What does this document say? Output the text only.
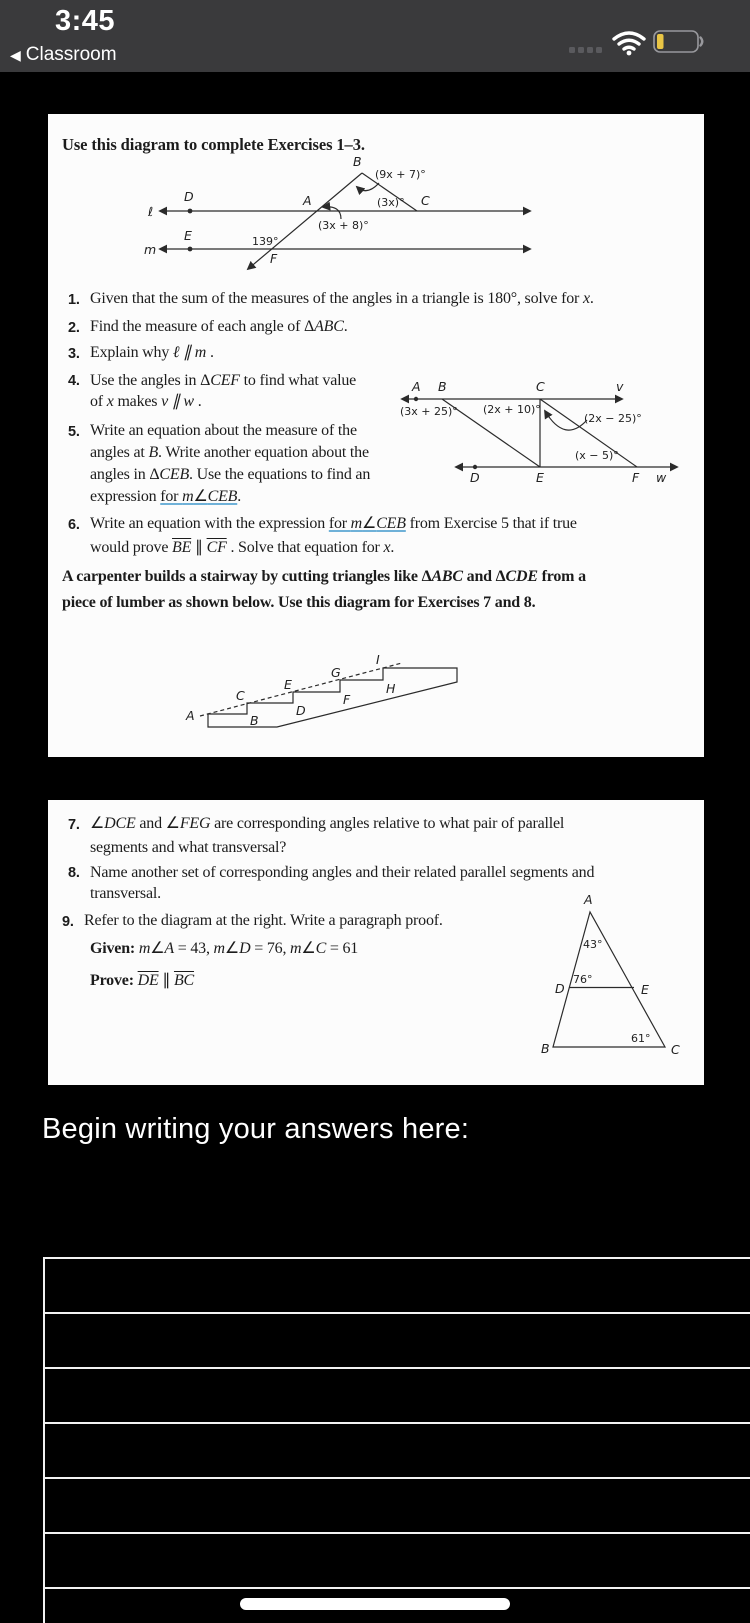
3:45
◀ Classroom
Use this diagram to complete Exercises 1–3.
ℓ
m
D
E
A
B
C
F
(9x + 7)°
(3x)°
(3x + 8)°
139°
1. Given that the sum of the measures of the angles in a triangle is 180°, solve for x.
2. Find the measure of each angle of ΔABC.
3. Explain why ℓ ∥ m .
4. Use the angles in ΔCEF to find what value
of x makes v ∥ w .
A B	C	v
D	E	F w
(3x + 25)° (2x + 10)°
(2x − 25)°
(x − 5)°
5. Write an equation about the measure of the
angles at B. Write another equation about the
angles in ΔCEB. Use the equations to find an
expression for m∠CEB.
6. Write an equation with the expression for m∠CEB from Exercise 5 that if true
would prove $\overline{BE}$ ∥ $\overline{CF}$ . Solve that equation for x.
A carpenter builds a stairway by cutting triangles like ΔABC and ΔCDE from a
piece of lumber as shown below. Use this diagram for Exercises 7 and 8.
A	B
C
D
E
F
G
H
I
7. ∠DCE and ∠FEG are corresponding angles relative to what pair of parallel
segments and what transversal?
8. Name another set of corresponding angles and their related parallel segments and
transversal.
9. Refer to the diagram at the right. Write a paragraph proof.
Given: m∠A = 43, m∠D = 76, m∠C = 61
Prove: $\overline{DE}$ ∥ $\overline{BC}$
A
B	C
D	E
43°
76°
61°
Begin writing your answers here:
